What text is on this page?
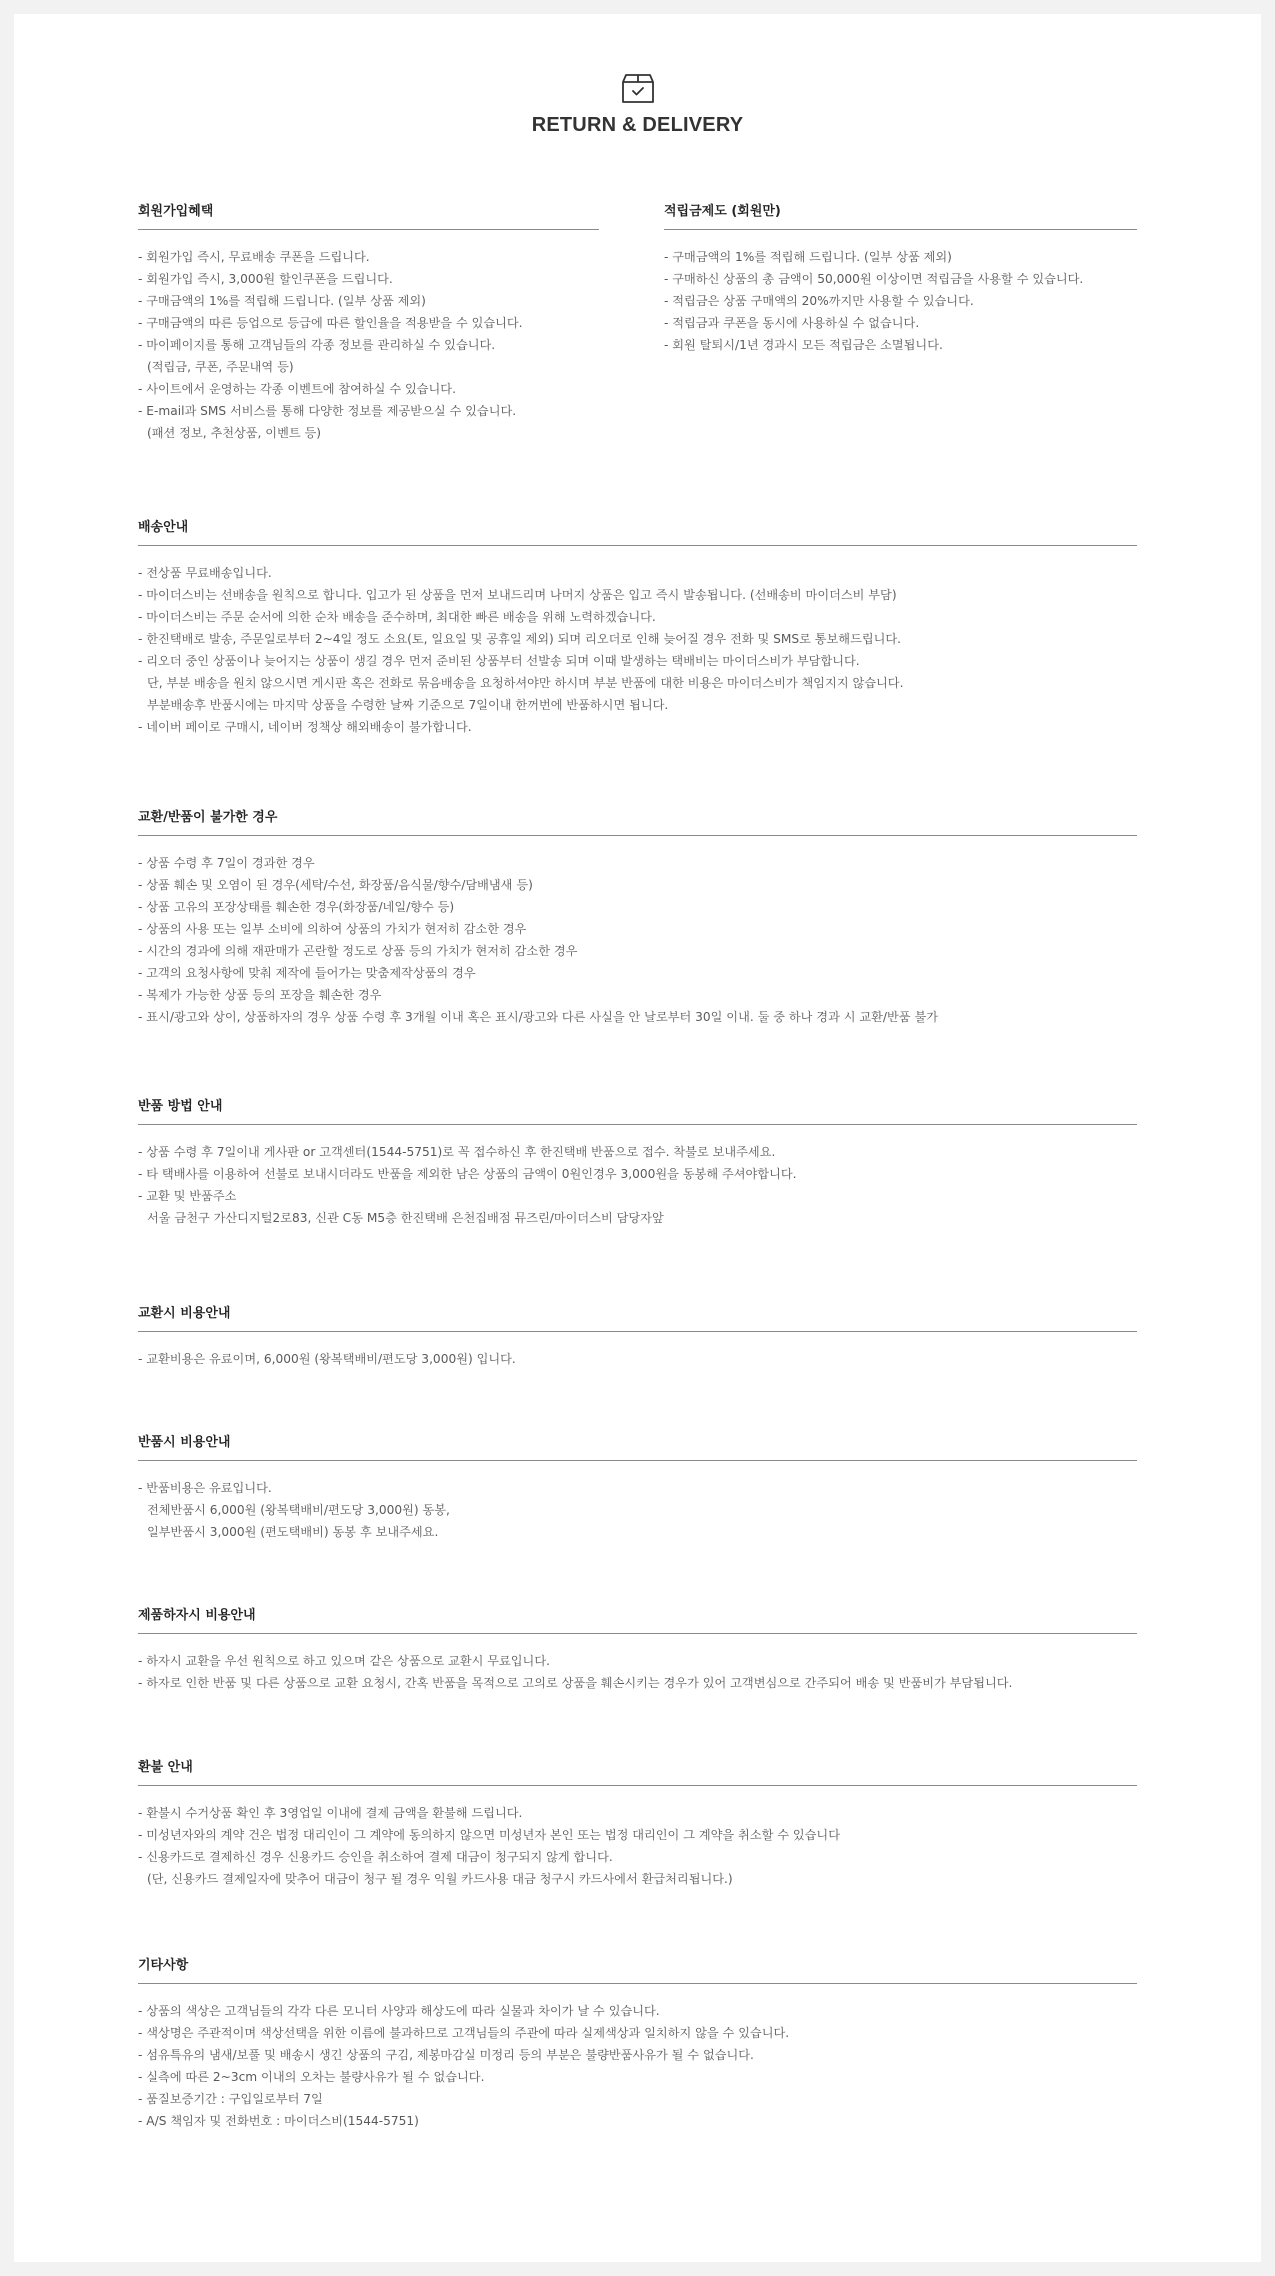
RETURN & DELIVERY
회원가입혜택
- 회원가입 즉시, 무료배송 쿠폰을 드립니다.
- 회원가입 즉시, 3,000원 할인쿠폰을 드립니다.
- 구매금액의 1%를 적립해 드립니다. (일부 상품 제외)
- 구매금액의 따른 등업으로 등급에 따른 할인율을 적용받을 수 있습니다.
- 마이페이지를 통해 고객님들의 각종 정보를 관리하실 수 있습니다.
(적립금, 쿠폰, 주문내역 등)
- 사이트에서 운영하는 각종 이벤트에 참여하실 수 있습니다.
- E-mail과 SMS 서비스를 통해 다양한 정보를 제공받으실 수 있습니다.
(패션 정보, 추천상품, 이벤트 등)
적립금제도 (회원만)
- 구매금액의 1%를 적립해 드립니다. (일부 상품 제외)
- 구매하신 상품의 총 금액이 50,000원 이상이면 적립금을 사용할 수 있습니다.
- 적립금은 상품 구매액의 20%까지만 사용할 수 있습니다.
- 적립금과 쿠폰을 동시에 사용하실 수 없습니다.
- 회원 탈퇴시/1년 경과시 모든 적립금은 소멸됩니다.
배송안내
- 전상품 무료배송입니다.
- 마이더스비는 선배송을 원칙으로 합니다. 입고가 된 상품을 먼저 보내드리며 나머지 상품은 입고 즉시 발송됩니다. (선배송비 마이더스비 부담)
- 마이더스비는 주문 순서에 의한 순차 배송을 준수하며, 최대한 빠른 배송을 위해 노력하겠습니다.
- 한진택배로 발송, 주문일로부터 2~4일 정도 소요(토, 일요일 및 공휴일 제외) 되며 리오더로 인해 늦어질 경우 전화 및 SMS로 통보해드립니다.
- 리오더 중인 상품이나 늦어지는 상품이 생길 경우 먼저 준비된 상품부터 선발송 되며 이때 발생하는 택배비는 마이더스비가 부담합니다.
단, 부분 배송을 원치 않으시면 게시판 혹은 전화로 묶음배송을 요청하셔야만 하시며 부분 반품에 대한 비용은 마이더스비가 책임지지 않습니다.
부분배송후 반품시에는 마지막 상품을 수령한 날짜 기준으로 7일이내 한꺼번에 반품하시면 됩니다.
- 네이버 페이로 구매시, 네이버 정책상 해외배송이 불가합니다.
교환/반품이 불가한 경우
- 상품 수령 후 7일이 경과한 경우
- 상품 훼손 및 오염이 된 경우(세탁/수선, 화장품/음식물/향수/담배냄새 등)
- 상품 고유의 포장상태를 훼손한 경우(화장품/네일/향수 등)
- 상품의 사용 또는 일부 소비에 의하여 상품의 가치가 현저히 감소한 경우
- 시간의 경과에 의해 재판매가 곤란할 정도로 상품 등의 가치가 현저히 감소한 경우
- 고객의 요청사항에 맞춰 제작에 들어가는 맞춤제작상품의 경우
- 복제가 가능한 상품 등의 포장을 훼손한 경우
- 표시/광고와 상이, 상품하자의 경우 상품 수령 후 3개월 이내 혹은 표시/광고와 다른 사실을 안 날로부터 30일 이내. 둘 중 하나 경과 시 교환/반품 불가
반품 방법 안내
- 상품 수령 후 7일이내 게사판 or 고객센터(1544-5751)로 꼭 접수하신 후 한진택배 반품으로 접수. 착불로 보내주세요.
- 타 택배사를 이용하여 선불로 보내시더라도 반품을 제외한 남은 상품의 금액이 0원인경우 3,000원을 동봉해 주셔야합니다.
- 교환 및 반품주소
서울 금천구 가산디지털2로83, 신관 C동 M5층 한진택배 은천집배점 뮤즈린/마이더스비 담당자앞
교환시 비용안내
- 교환비용은 유료이며, 6,000원 (왕복택배비/편도당 3,000원) 입니다.
반품시 비용안내
- 반품비용은 유료입니다.
전체반품시 6,000원 (왕복택배비/편도당 3,000원) 동봉,
일부반품시 3,000원 (편도택배비) 동봉 후 보내주세요.
제품하자시 비용안내
- 하자시 교환을 우선 원칙으로 하고 있으며 같은 상품으로 교환시 무료입니다.
- 하자로 인한 반품 및 다른 상품으로 교환 요청시, 간혹 반품을 목적으로 고의로 상품을 훼손시키는 경우가 있어 고객변심으로 간주되어 배송 및 반품비가 부담됩니다.
환불 안내
- 환불시 수거상품 확인 후 3영업일 이내에 결제 금액을 환불해 드립니다.
- 미성년자와의 계약 건은 법정 대리인이 그 계약에 동의하지 않으면 미성년자 본인 또는 법정 대리인이 그 계약을 취소할 수 있습니다
- 신용카드로 결제하신 경우 신용카드 승인을 취소하여 결제 대금이 청구되지 않게 합니다.
(단, 신용카드 결제일자에 맞추어 대금이 청구 될 경우 익월 카드사용 대금 청구시 카드사에서 환급처리됩니다.)
기타사항
- 상품의 색상은 고객님들의 각각 다른 모니터 사양과 해상도에 따라 실물과 차이가 날 수 있습니다.
- 색상명은 주관적이며 색상선택을 위한 이름에 불과하므로 고객님들의 주관에 따라 실제색상과 일치하지 않을 수 있습니다.
- 섬유특유의 냄새/보풀 및 배송시 생긴 상품의 구김, 제봉마감실 미정리 등의 부분은 불량반품사유가 될 수 없습니다.
- 실측에 따른 2~3cm 이내의 오차는 불량사유가 될 수 없습니다.
- 품질보증기간 : 구입일로부터 7일
- A/S 책임자 및 전화번호 : 마이더스비(1544-5751)
